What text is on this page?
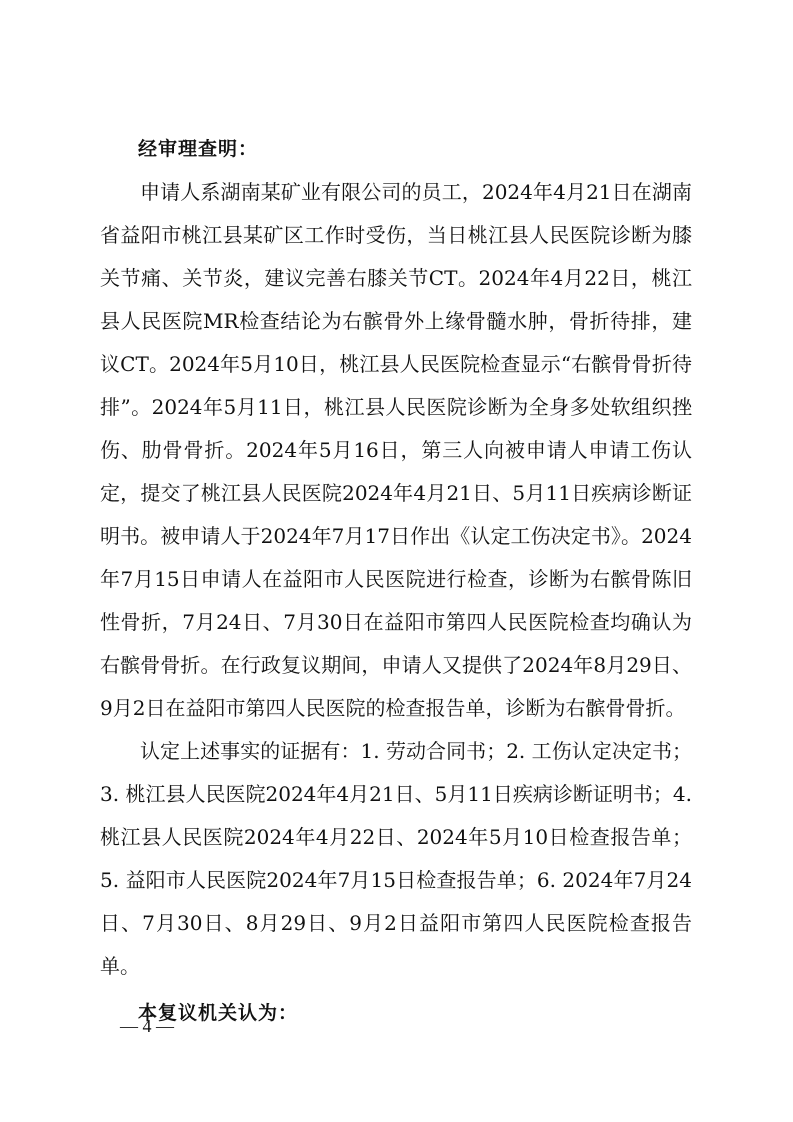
经审理查明：

申请人系湖南某矿业有限公司的员工，2024年4月21日在湖南省益阳市桃江县某矿区工作时受伤，当日桃江县人民医院诊断为膝关节痛、关节炎，建议完善右膝关节CT。2024年4月22日，桃江县人民医院MR检查结论为右髌骨外上缘骨髓水肿，骨折待排，建议CT。2024年5月10日，桃江县人民医院检查显示“右髌骨骨折待排”。2024年5月11日，桃江县人民医院诊断为全身多处软组织挫伤、肋骨骨折。2024年5月16日，第三人向被申请人申请工伤认定，提交了桃江县人民医院2024年4月21日、5月11日疾病诊断证明书。被申请人于2024年7月17日作出《认定工伤决定书》。2024年7月15日申请人在益阳市人民医院进行检查，诊断为右髌骨陈旧性骨折，7月24日、7月30日在益阳市第四人民医院检查均确认为右髌骨骨折。在行政复议期间，申请人又提供了2024年8月29日、9月2日在益阳市第四人民医院的检查报告单，诊断为右髌骨骨折。

认定上述事实的证据有：1. 劳动合同书；2. 工伤认定决定书；3. 桃江县人民医院2024年4月21日、5月11日疾病诊断证明书；4. 桃江县人民医院2024年4月22日、2024年5月10日检查报告单；5. 益阳市人民医院2024年7月15日检查报告单；6. 2024年7月24日、7月30日、8月29日、9月2日益阳市第四人民医院检查报告单。

本复议机关认为：

— 4 —
